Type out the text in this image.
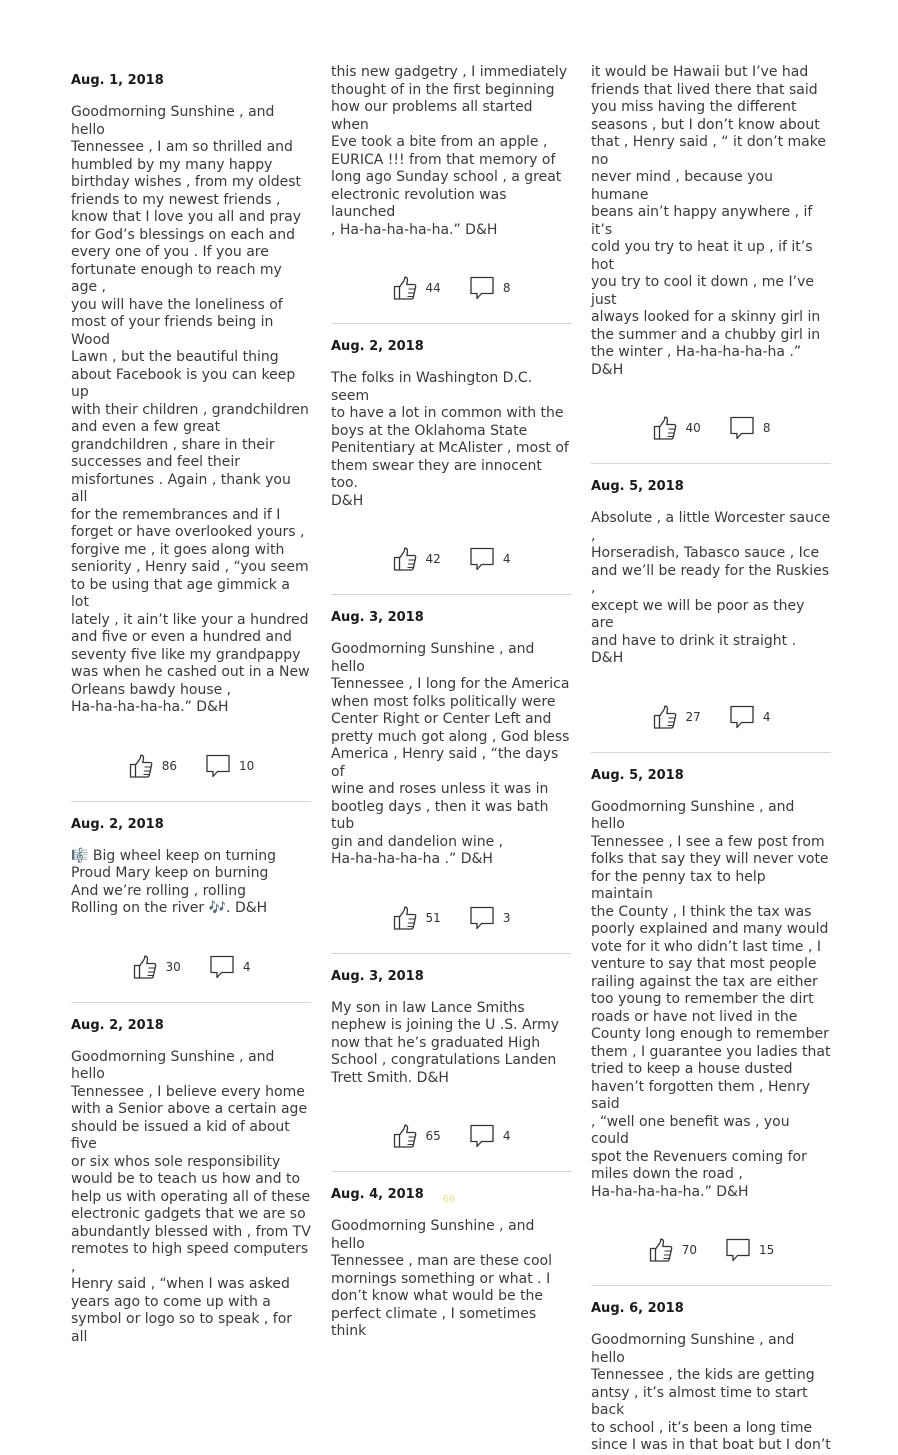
Aug. 1, 2018

Goodmorning Sunshine , and hello
Tennessee , I am so thrilled and
humbled by my many happy
birthday wishes , from my oldest
friends to my newest friends ,
know that I love you all and pray
for God’s blessings on each and
every one of you . If you are
fortunate enough to reach my age ,
you will have the loneliness of
most of your friends being in Wood
Lawn , but the beautiful thing
about Facebook is you can keep up
with their children , grandchildren
and even a few great
grandchildren , share in their
successes and feel their
misfortunes . Again , thank you all
for the remembrances and if I
forget or have overlooked yours ,
forgive me , it goes along with
seniority , Henry said , “you seem
to be using that age gimmick a lot
lately , it ain’t like your a hundred
and five or even a hundred and
seventy five like my grandpappy
was when he cashed out in a New
Orleans bawdy house ,
Ha-ha-ha-ha-ha.” D&H

86	10

Aug. 2, 2018

🎼 Big wheel keep on turning
Proud Mary keep on burning
And we’re rolling , rolling
Rolling on the river 🎶. D&H

30	4

Aug. 2, 2018

Goodmorning Sunshine , and hello
Tennessee , I believe every home
with a Senior above a certain age
should be issued a kid of about five
or six whos sole responsibility
would be to teach us how and to
help us with operating all of these
electronic gadgets that we are so
abundantly blessed with , from TV
remotes to high speed computers ,
Henry said , “when I was asked
years ago to come up with a
symbol or logo so to speak , for all

this new gadgetry , I immediately
thought of in the first beginning
how our problems all started when
Eve took a bite from an apple ,
EURICA !!! from that memory of
long ago Sunday school , a great
electronic revolution was launched
, Ha-ha-ha-ha-ha.” D&H

44	8

Aug. 2, 2018

The folks in Washington D.C. seem
to have a lot in common with the
boys at the Oklahoma State
Penitentiary at McAlister , most of
them swear they are innocent too.
D&H

42	4

Aug. 3, 2018

Goodmorning Sunshine , and hello
Tennessee , I long for the America
when most folks politically were
Center Right or Center Left and
pretty much got along , God bless
America , Henry said , “the days of
wine and roses unless it was in
bootleg days , then it was bath tub
gin and dandelion wine ,
Ha-ha-ha-ha-ha .” D&H

51	3

Aug. 3, 2018

My son in law Lance Smiths
nephew is joining the U .S. Army
now that he’s graduated High
School , congratulations Landen
Trett Smith. D&H

65	4

Aug. 4, 2018

Goodmorning Sunshine , and hello
Tennessee , man are these cool
mornings something or what . I
don’t know what would be the
perfect climate , I sometimes think

it would be Hawaii but I’ve had
friends that lived there that said
you miss having the different
seasons , but I don’t know about
that , Henry said , “ it don’t make no
never mind , because you humane
beans ain’t happy anywhere , if it’s
cold you try to heat it up , if it’s hot
you try to cool it down , me I’ve just
always looked for a skinny girl in
the summer and a chubby girl in
the winter , Ha-ha-ha-ha-ha .” D&H

40	8

Aug. 5, 2018

Absolute , a little Worcester sauce ,
Horseradish, Tabasco sauce , Ice
and we’ll be ready for the Ruskies ,
except we will be poor as they are
and have to drink it straight . D&H

27	4

Aug. 5, 2018

Goodmorning Sunshine , and hello
Tennessee , I see a few post from
folks that say they will never vote
for the penny tax to help maintain
the County , I think the tax was
poorly explained and many would
vote for it who didn’t last time , I
venture to say that most people
railing against the tax are either
too young to remember the dirt
roads or have not lived in the
County long enough to remember
them , I guarantee you ladies that
tried to keep a house dusted
haven’t forgotten them , Henry said
, “well one benefit was , you could
spot the Revenuers coming for
miles down the road ,
Ha-ha-ha-ha-ha.” D&H

70	15

Aug. 6, 2018

Goodmorning Sunshine , and hello
Tennessee , the kids are getting
antsy , it’s almost time to start back
to school , it’s been a long time
since I was in that boat but I don’t

66
